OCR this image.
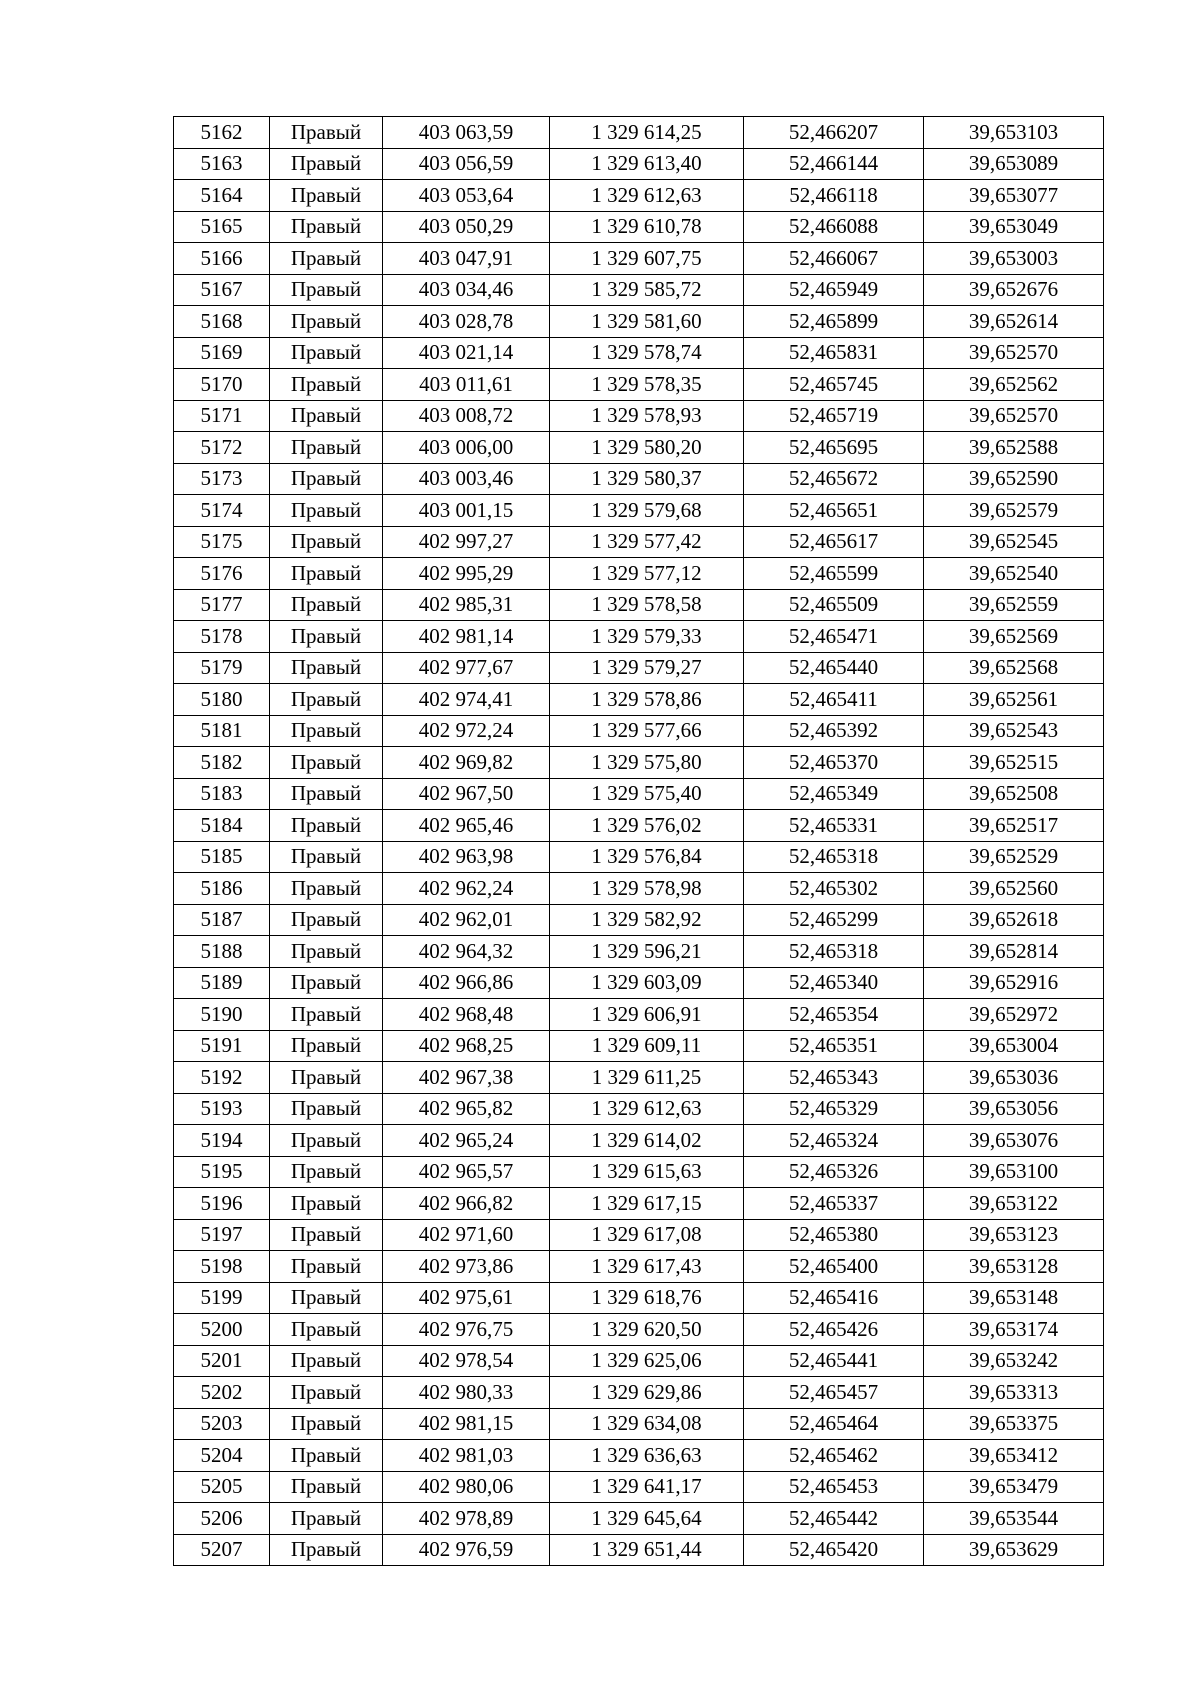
5162	Правый	403 063,59	1 329 614,25	52,466207	39,653103
5163	Правый	403 056,59	1 329 613,40	52,466144	39,653089
5164	Правый	403 053,64	1 329 612,63	52,466118	39,653077
5165	Правый	403 050,29	1 329 610,78	52,466088	39,653049
5166	Правый	403 047,91	1 329 607,75	52,466067	39,653003
5167	Правый	403 034,46	1 329 585,72	52,465949	39,652676
5168	Правый	403 028,78	1 329 581,60	52,465899	39,652614
5169	Правый	403 021,14	1 329 578,74	52,465831	39,652570
5170	Правый	403 011,61	1 329 578,35	52,465745	39,652562
5171	Правый	403 008,72	1 329 578,93	52,465719	39,652570
5172	Правый	403 006,00	1 329 580,20	52,465695	39,652588
5173	Правый	403 003,46	1 329 580,37	52,465672	39,652590
5174	Правый	403 001,15	1 329 579,68	52,465651	39,652579
5175	Правый	402 997,27	1 329 577,42	52,465617	39,652545
5176	Правый	402 995,29	1 329 577,12	52,465599	39,652540
5177	Правый	402 985,31	1 329 578,58	52,465509	39,652559
5178	Правый	402 981,14	1 329 579,33	52,465471	39,652569
5179	Правый	402 977,67	1 329 579,27	52,465440	39,652568
5180	Правый	402 974,41	1 329 578,86	52,465411	39,652561
5181	Правый	402 972,24	1 329 577,66	52,465392	39,652543
5182	Правый	402 969,82	1 329 575,80	52,465370	39,652515
5183	Правый	402 967,50	1 329 575,40	52,465349	39,652508
5184	Правый	402 965,46	1 329 576,02	52,465331	39,652517
5185	Правый	402 963,98	1 329 576,84	52,465318	39,652529
5186	Правый	402 962,24	1 329 578,98	52,465302	39,652560
5187	Правый	402 962,01	1 329 582,92	52,465299	39,652618
5188	Правый	402 964,32	1 329 596,21	52,465318	39,652814
5189	Правый	402 966,86	1 329 603,09	52,465340	39,652916
5190	Правый	402 968,48	1 329 606,91	52,465354	39,652972
5191	Правый	402 968,25	1 329 609,11	52,465351	39,653004
5192	Правый	402 967,38	1 329 611,25	52,465343	39,653036
5193	Правый	402 965,82	1 329 612,63	52,465329	39,653056
5194	Правый	402 965,24	1 329 614,02	52,465324	39,653076
5195	Правый	402 965,57	1 329 615,63	52,465326	39,653100
5196	Правый	402 966,82	1 329 617,15	52,465337	39,653122
5197	Правый	402 971,60	1 329 617,08	52,465380	39,653123
5198	Правый	402 973,86	1 329 617,43	52,465400	39,653128
5199	Правый	402 975,61	1 329 618,76	52,465416	39,653148
5200	Правый	402 976,75	1 329 620,50	52,465426	39,653174
5201	Правый	402 978,54	1 329 625,06	52,465441	39,653242
5202	Правый	402 980,33	1 329 629,86	52,465457	39,653313
5203	Правый	402 981,15	1 329 634,08	52,465464	39,653375
5204	Правый	402 981,03	1 329 636,63	52,465462	39,653412
5205	Правый	402 980,06	1 329 641,17	52,465453	39,653479
5206	Правый	402 978,89	1 329 645,64	52,465442	39,653544
5207	Правый	402 976,59	1 329 651,44	52,465420	39,653629
